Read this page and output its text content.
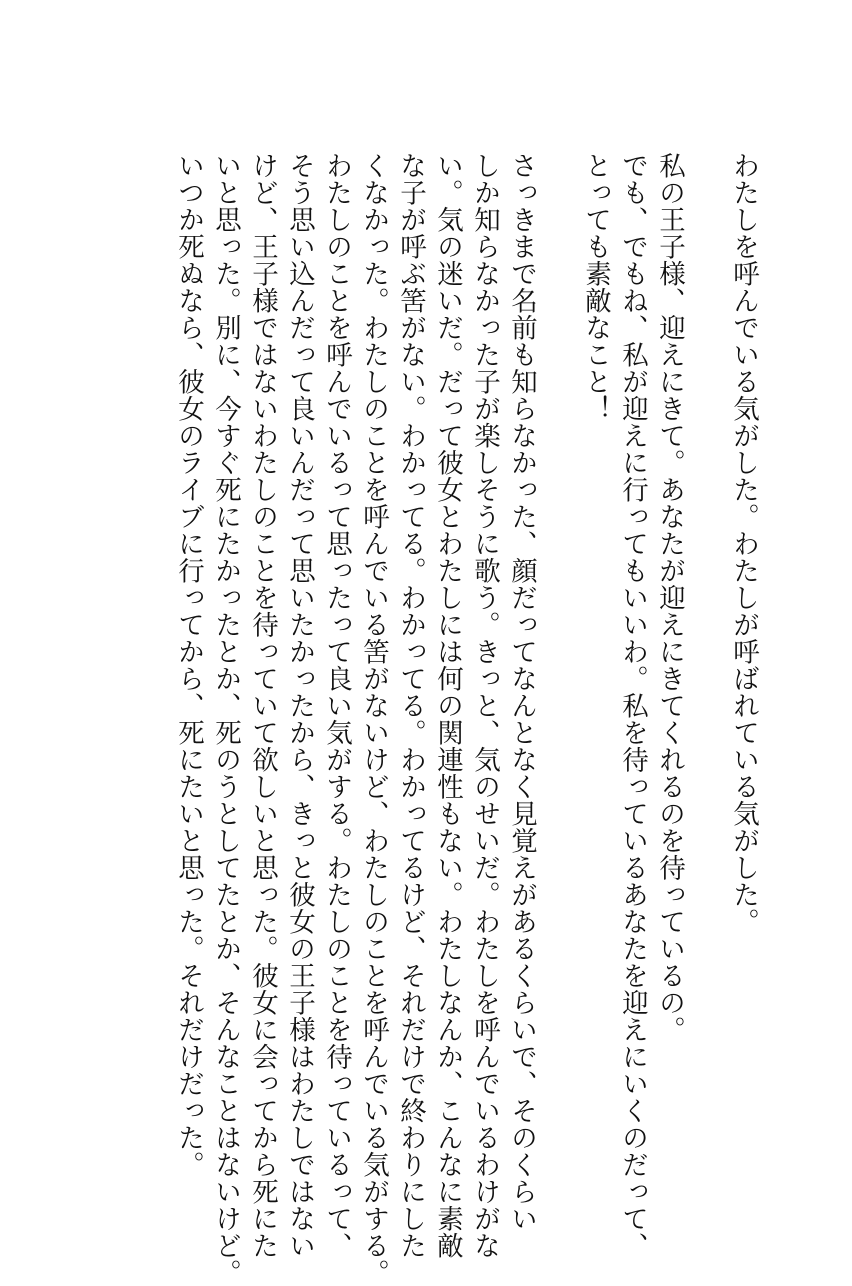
わたしを呼んでいる気がした。わたしが呼ばれている気がした。
私の王子様、迎えにきて。あなたが迎えにきてくれるのを待っているの。
でも、でもね、私が迎えに行ってもいいわ。私を待っているあなたを迎えにいくのだって、
とっても素敵なこと！
さっきまで名前も知らなかった、顔だってなんとなく見覚えがあるくらいで、そのくらい
しか知らなかった子が楽しそうに歌う。きっと、気のせいだ。わたしを呼んでいるわけがな
い。気の迷いだ。だって彼女とわたしには何の関連性もない。わたしなんか、こんなに素敵
な子が呼ぶ筈がない。わかってる。わかってる。わかってるけど、それだけで終わりにした
くなかった。わたしのことを呼んでいる筈がないけど、わたしのことを呼んでいる気がする。
わたしのことを呼んでいるって思ったって良い気がする。わたしのことを待っているって、
そう思い込んだって良いんだって思いたかったから、きっと彼女の王子様はわたしではない
けど、王子様ではないわたしのことを待っていて欲しいと思った。彼女に会ってから死にた
いと思った。別に、今すぐ死にたかったとか、死のうとしてたとか、そんなことはないけど。
いつか死ぬなら、彼女のライブに行ってから、死にたいと思った。それだけだった。
